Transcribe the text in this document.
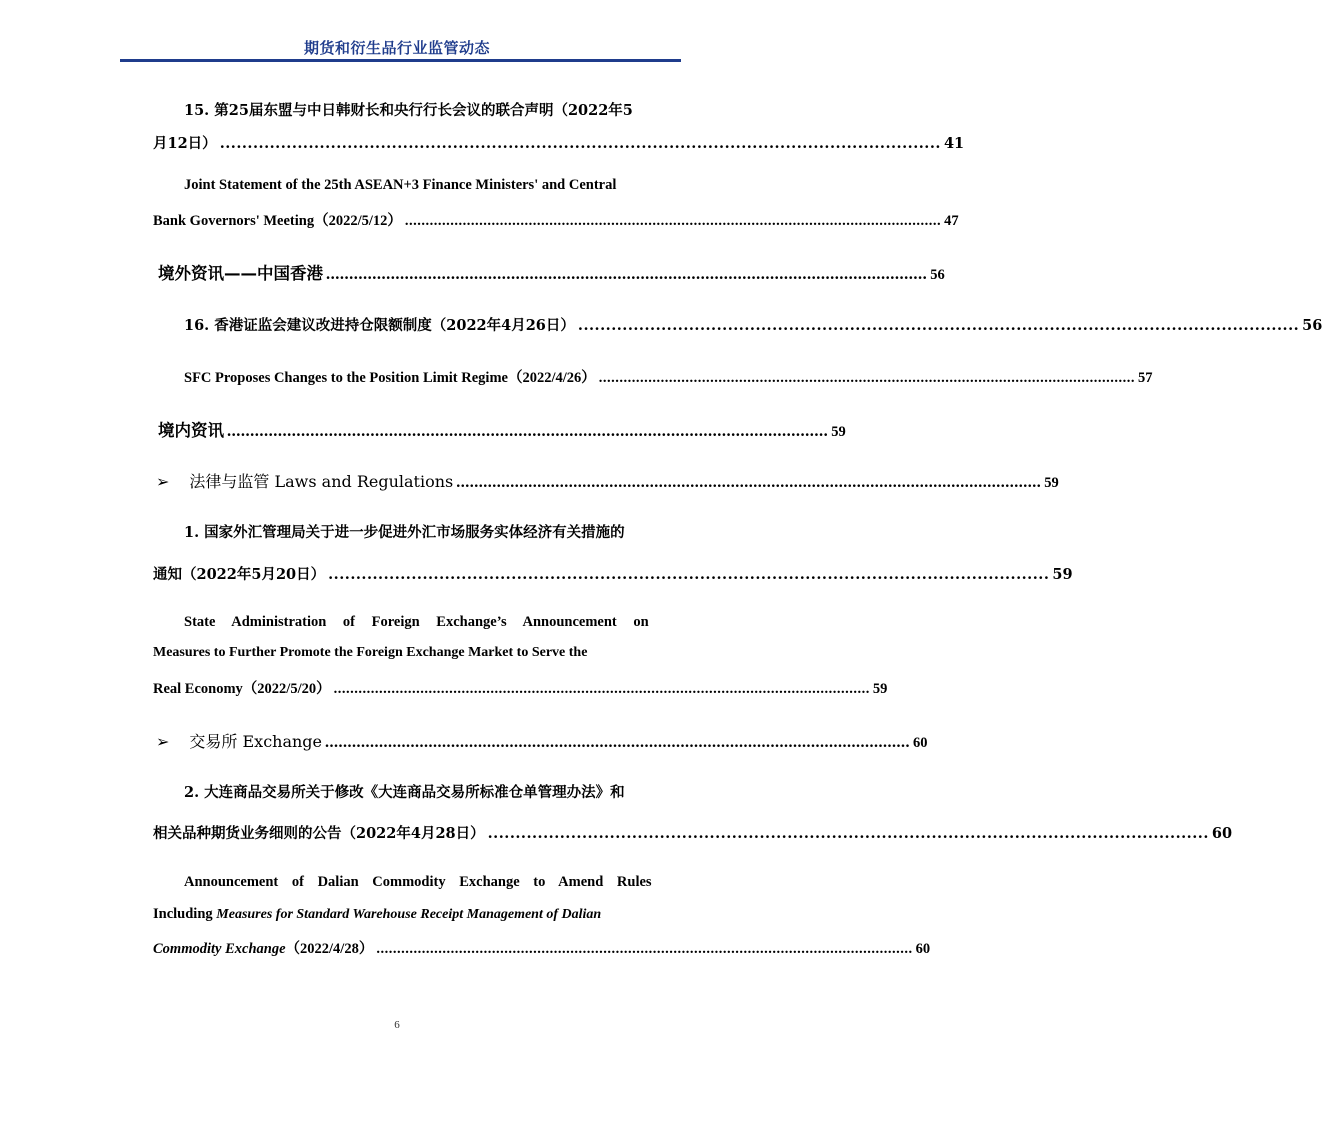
期货和衍生品行业监管动态
15. 第25届东盟与中日韩财长和央行行长会议的联合声明（2022年5
月12日） .................................................................................................................................. 41
Joint Statement of the 25th ASEAN+3 Finance Ministers' and Central
Bank Governors' Meeting（2022/5/12） .................................................................................................................................. 47
境外资讯——中国香港 .................................................................................................................................. 56
16. 香港证监会建议改进持仓限额制度（2022年4月26日） .................................................................................................................................. 56
SFC Proposes Changes to the Position Limit Regime（2022/4/26） .................................................................................................................................. 57
境内资讯 .................................................................................................................................. 59
➢ 法律与监管 Laws and Regulations .................................................................................................................................. 59
1. 国家外汇管理局关于进一步促进外汇市场服务实体经济有关措施的
通知（2022年5月20日） .................................................................................................................................. 59
State Administration of Foreign Exchange’s Announcement on
Measures to Further Promote the Foreign Exchange Market to Serve the
Real Economy（2022/5/20） .................................................................................................................................. 59
➢ 交易所 Exchange .................................................................................................................................. 60
2. 大连商品交易所关于修改《大连商品交易所标准仓单管理办法》和
相关品种期货业务细则的公告（2022年4月28日） .................................................................................................................................. 60
Announcement of Dalian Commodity Exchange to Amend Rules
Including Measures for Standard Warehouse Receipt Management of Dalian
Commodity Exchange （2022/4/28） .................................................................................................................................. 60
6
